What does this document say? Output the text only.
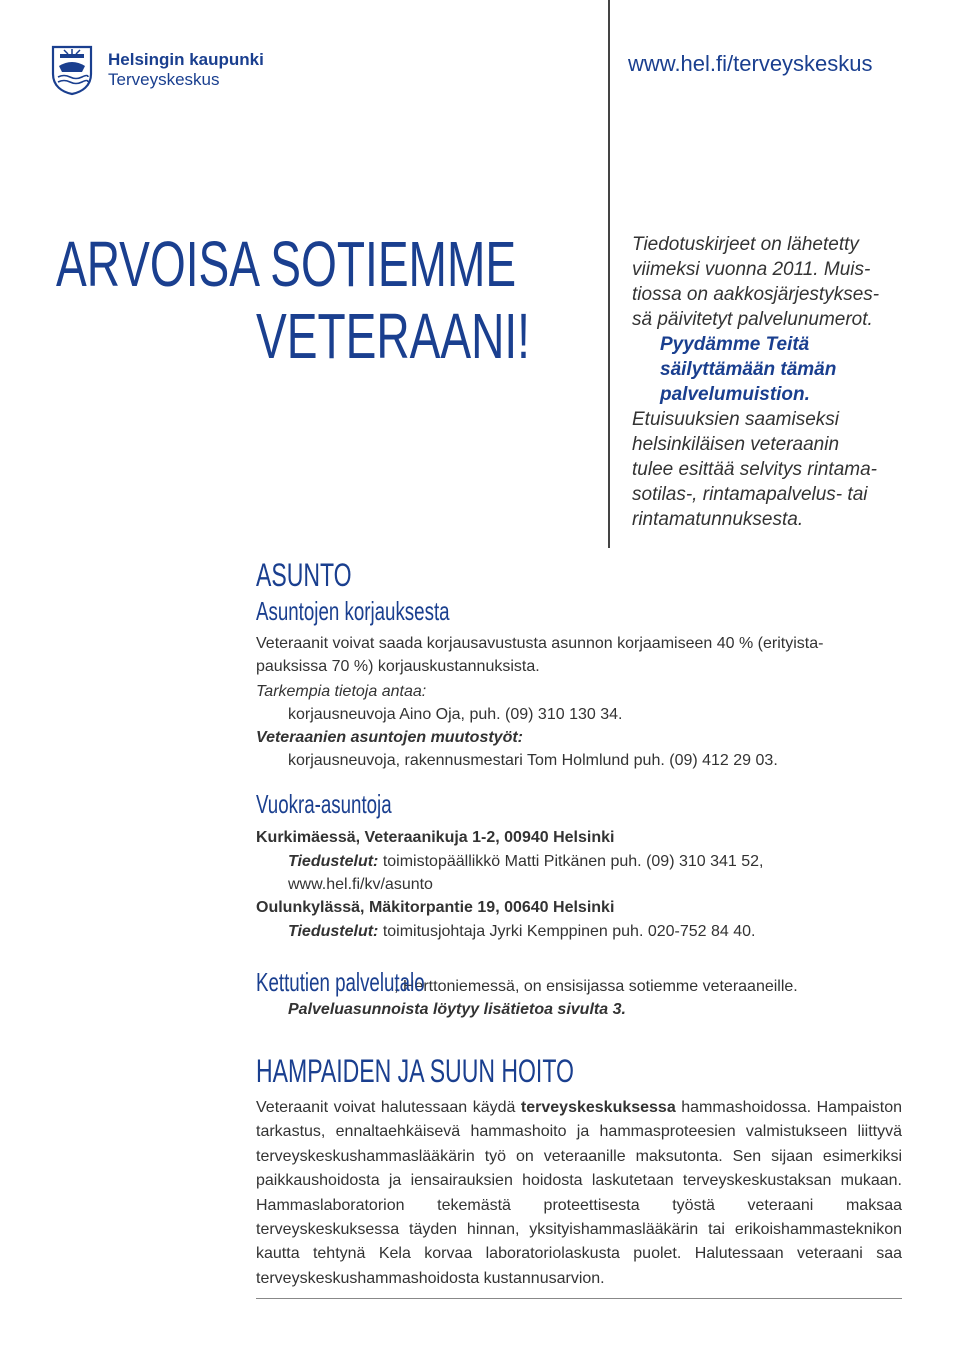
Helsingin kaupunki
Terveyskeskus
www.hel.fi/terveyskeskus
ARVOISA SOTIEMME
VETERAANI!
Tiedotuskirjeet on lähetetty
viimeksi vuonna 2011. Muis-
tiossa on aakkosjärjestykses-
sä päivitetyt palvelunumerot.
Pyydämme Teitä
säilyttämään tämän
palvelumuistion.
Etuisuuksien saamiseksi
helsinkiläisen veteraanin
tulee esittää selvitys rintama-
sotilas-, rintamapalvelus- tai
rintamatunnuksesta.
ASUNTO
Asuntojen korjauksesta
Veteraanit voivat saada korjausavustusta asunnon korjaamiseen 40 % (erityista-
pauksissa 70 %) korjauskustannuksista.
Tarkempia tietoja antaa:
korjausneuvoja Aino Oja, puh. (09) 310 130 34.
Veteraanien asuntojen muutostyöt:
korjausneuvoja, rakennusmestari Tom Holmlund puh. (09) 412 29 03.
Vuokra-asuntoja
Kurkimäessä, Veteraanikuja 1-2, 00940 Helsinki
Tiedustelut: toimistopäällikkö Matti Pitkänen puh. (09) 310 341 52,
www.hel.fi/kv/asunto
Oulunkylässä, Mäkitorpantie 19, 00640 Helsinki
Tiedustelut: toimitusjohtaja Jyrki Kemppinen puh. 020-752 84 40.
Kettutien palvelutalo, Herttoniemessä, on ensisijassa sotiemme veteraaneille.
Palveluasunnoista löytyy lisätietoa sivulta 3.
HAMPAIDEN JA SUUN HOITO
Veteraanit voivat halutessaan käydä terveyskeskuksessa hammashoidossa. Hampaiston tarkastus, ennaltaehkäisevä hammashoito ja hammasproteesien valmistukseen liittyvä terveyskeskushammaslääkärin työ on veteraanille maksutonta. Sen sijaan esimerkiksi paikkaushoidosta ja iensairauksien hoidosta laskutetaan terveyskeskustaksan mukaan. Hammaslaboratorion tekemästä proteettisesta työstä veteraani maksaa terveyskeskuksessa täyden hinnan, yksityishammaslääkärin tai erikoishammasteknikon kautta tehtynä Kela korvaa laboratoriolaskusta puolet. Halutessaan veteraani saa terveyskeskushammashoidosta kustannusarvion.
